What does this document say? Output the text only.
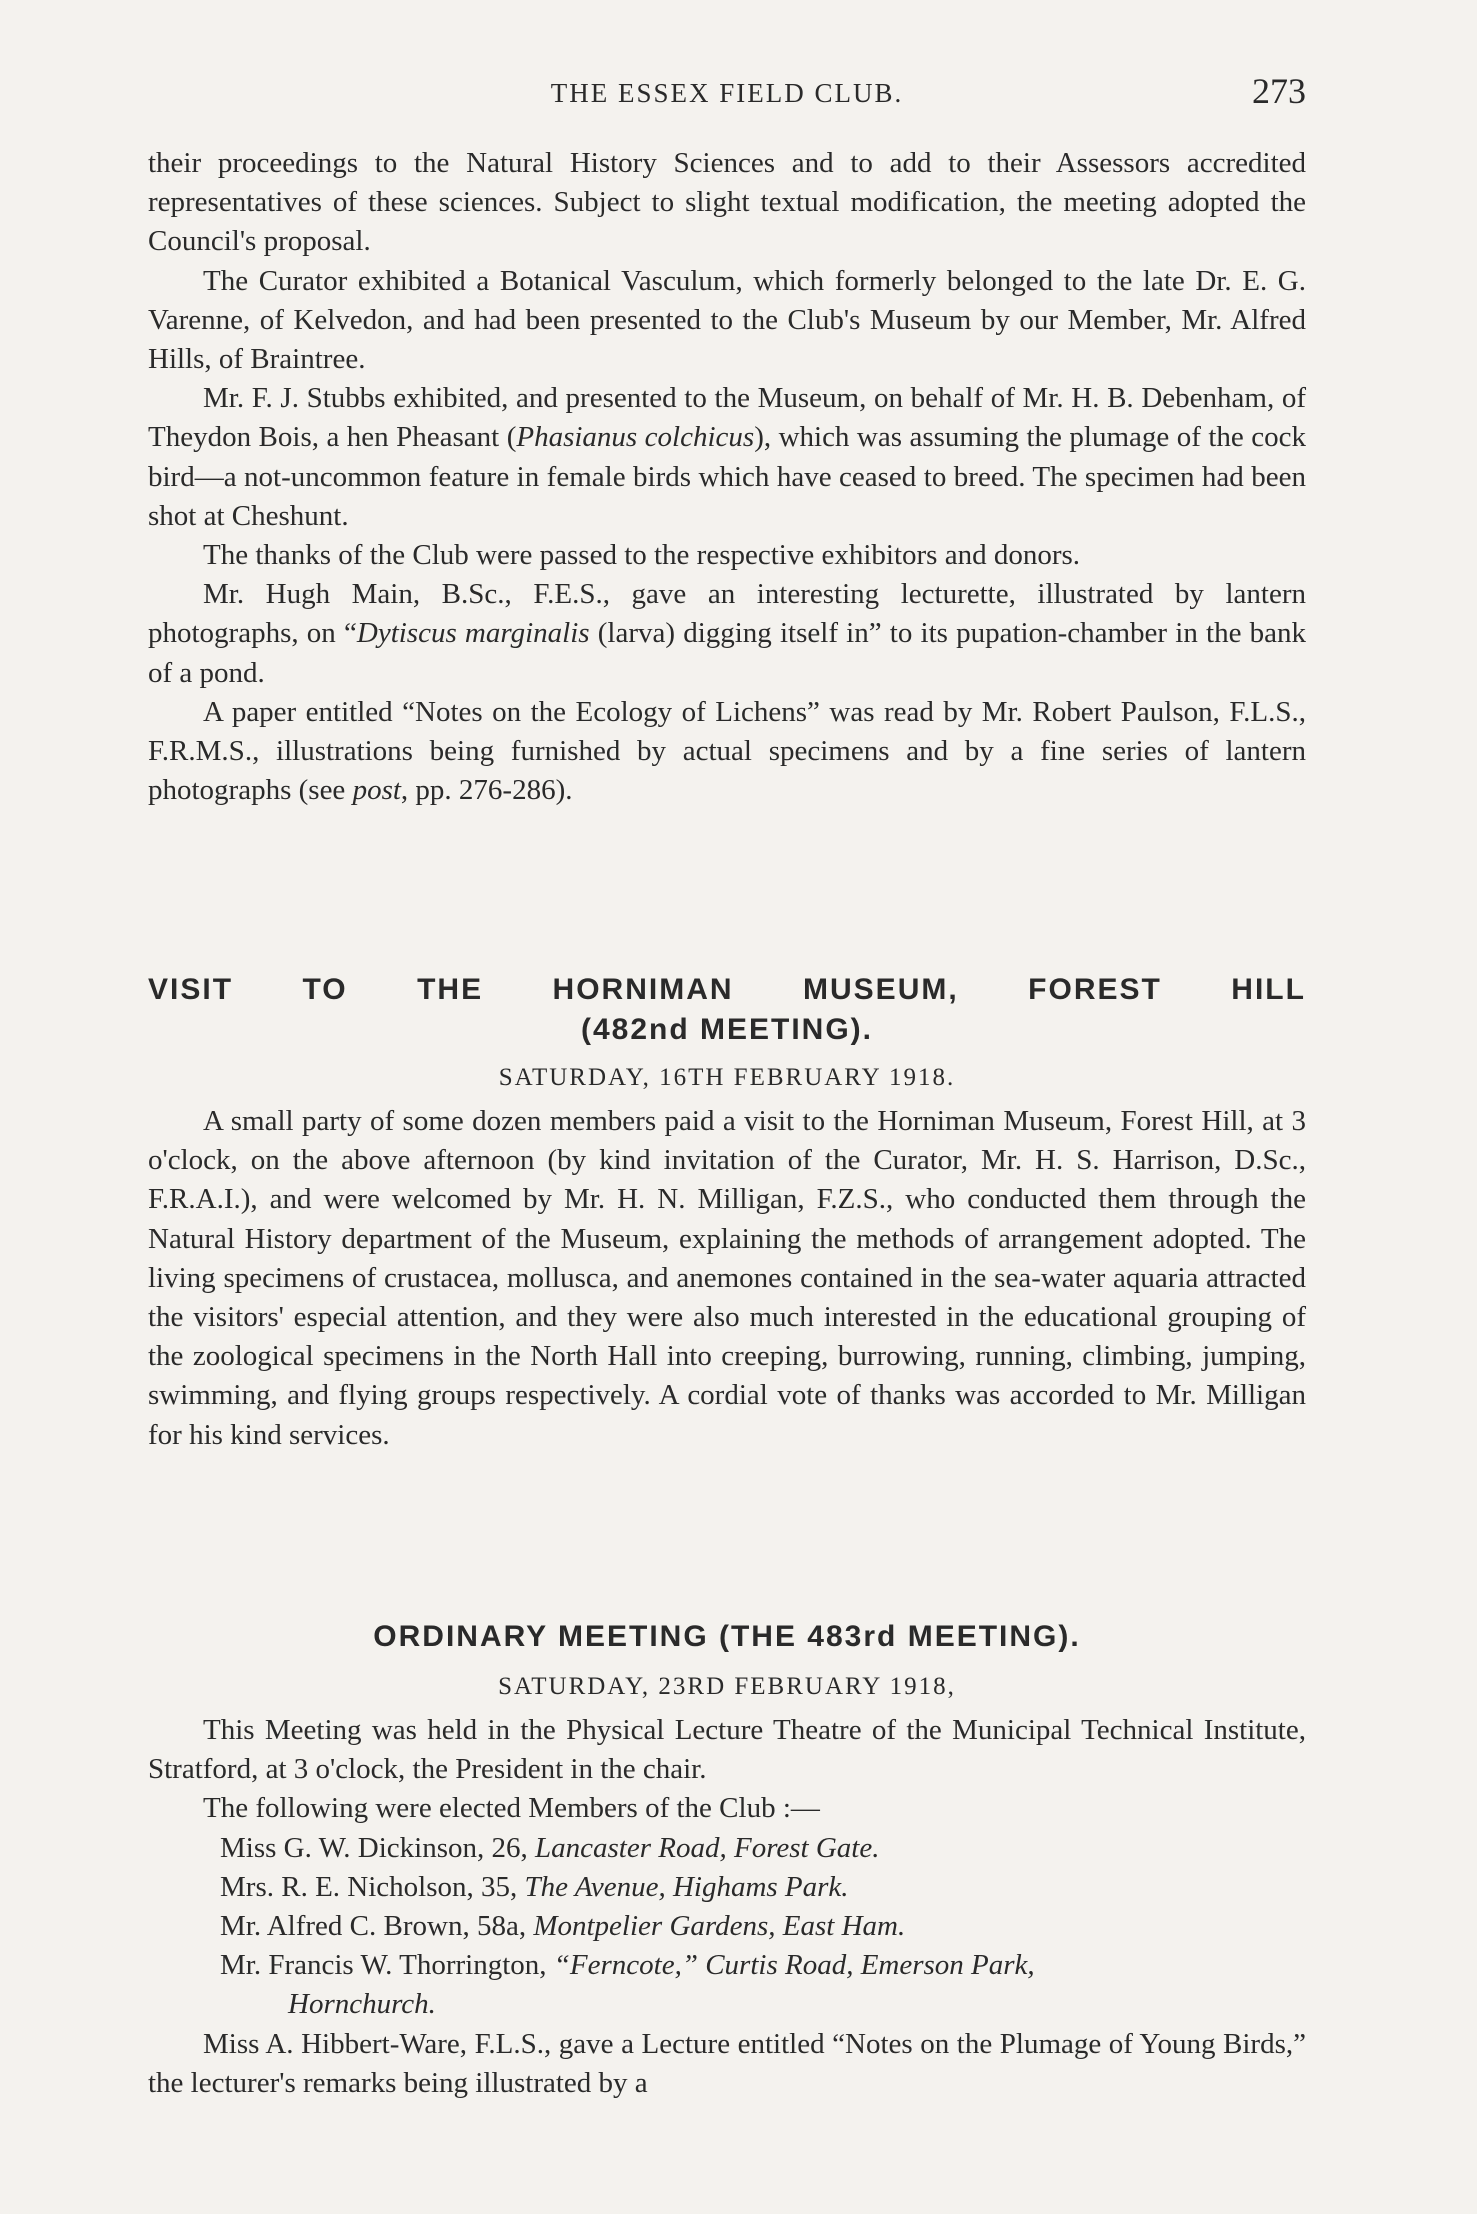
THE ESSEX FIELD CLUB.	273

their proceedings to the Natural History Sciences and to add to their Assessors accredited representatives of these sciences. Subject to slight textual modification, the meeting adopted the Council's proposal.

The Curator exhibited a Botanical Vasculum, which formerly belonged to the late Dr. E. G. Varenne, of Kelvedon, and had been presented to the Club's Museum by our Member, Mr. Alfred Hills, of Braintree.

Mr. F. J. Stubbs exhibited, and presented to the Museum, on behalf of Mr. H. B. Debenham, of Theydon Bois, a hen Pheasant (Phasianus colchicus), which was assuming the plumage of the cock bird—a not-uncommon feature in female birds which have ceased to breed. The specimen had been shot at Cheshunt.

The thanks of the Club were passed to the respective exhibitors and donors.

Mr. Hugh Main, B.Sc., F.E.S., gave an interesting lecturette, illustrated by lantern photographs, on “Dytiscus marginalis (larva) digging itself in” to its pupation-chamber in the bank of a pond.

A paper entitled “Notes on the Ecology of Lichens” was read by Mr. Robert Paulson, F.L.S., F.R.M.S., illustrations being furnished by actual specimens and by a fine series of lantern photographs (see post, pp. 276-286).

VISIT TO THE HORNIMAN MUSEUM, FOREST HILL
(482nd MEETING).
SATURDAY, 16TH FEBRUARY 1918.

A small party of some dozen members paid a visit to the Horniman Museum, Forest Hill, at 3 o'clock, on the above afternoon (by kind invitation of the Curator, Mr. H. S. Harrison, D.Sc., F.R.A.I.), and were welcomed by Mr. H. N. Milligan, F.Z.S., who conducted them through the Natural History department of the Museum, explaining the methods of arrangement adopted. The living specimens of crustacea, mollusca, and anemones contained in the sea-water aquaria attracted the visitors' especial attention, and they were also much interested in the educational grouping of the zoological specimens in the North Hall into creeping, burrowing, running, climbing, jumping, swimming, and flying groups respectively. A cordial vote of thanks was accorded to Mr. Milligan for his kind services.

ORDINARY MEETING (THE 483rd MEETING).
SATURDAY, 23RD FEBRUARY 1918,

This Meeting was held in the Physical Lecture Theatre of the Municipal Technical Institute, Stratford, at 3 o'clock, the President in the chair.

The following were elected Members of the Club :—

Miss G. W. Dickinson, 26, Lancaster Road, Forest Gate.
Mrs. R. E. Nicholson, 35, The Avenue, Highams Park.
Mr. Alfred C. Brown, 58a, Montpelier Gardens, East Ham.
Mr. Francis W. Thorrington, “Ferncote,” Curtis Road, Emerson Park,
Hornchurch.

Miss A. Hibbert-Ware, F.L.S., gave a Lecture entitled “Notes on the Plumage of Young Birds,” the lecturer's remarks being illustrated by a
